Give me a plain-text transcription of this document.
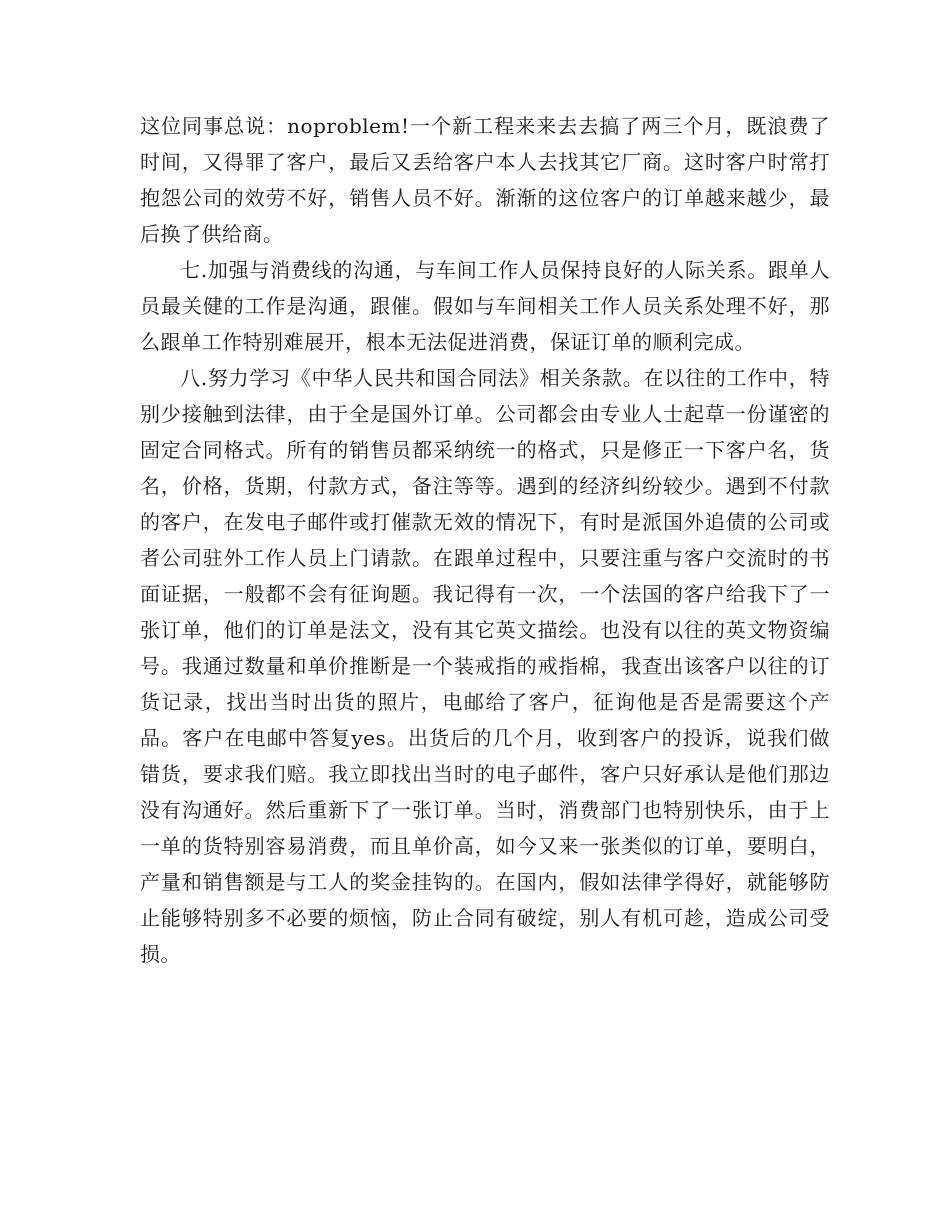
这位同事总说：noproblem!一个新工程来来去去搞了两三个月，既浪费了时间，又得罪了客户，最后又丢给客户本人去找其它厂商。这时客户时常打抱怨公司的效劳不好，销售人员不好。渐渐的这位客户的订单越来越少，最后换了供给商。

七.加强与消费线的沟通，与车间工作人员保持良好的人际关系。跟单人员最关健的工作是沟通，跟催。假如与车间相关工作人员关系处理不好，那么跟单工作特别难展开，根本无法促进消费，保证订单的顺利完成。

八.努力学习《中华人民共和国合同法》相关条款。在以往的工作中，特别少接触到法律，由于全是国外订单。公司都会由专业人士起草一份谨密的固定合同格式。所有的销售员都采纳统一的格式，只是修正一下客户名，货名，价格，货期，付款方式，备注等等。遇到的经济纠纷较少。遇到不付款的客户，在发电子邮件或打催款无效的情况下，有时是派国外追债的公司或者公司驻外工作人员上门请款。在跟单过程中，只要注重与客户交流时的书面证据，一般都不会有征询题。我记得有一次，一个法国的客户给我下了一张订单，他们的订单是法文，没有其它英文描绘。也没有以往的英文物资编号。我通过数量和单价推断是一个装戒指的戒指棉，我查出该客户以往的订货记录，找出当时出货的照片，电邮给了客户，征询他是否是需要这个产品。客户在电邮中答复yes。出货后的几个月，收到客户的投诉，说我们做错货，要求我们赔。我立即找出当时的电子邮件，客户只好承认是他们那边没有沟通好。然后重新下了一张订单。当时，消费部门也特别快乐，由于上一单的货特别容易消费，而且单价高，如今又来一张类似的订单，要明白，产量和销售额是与工人的奖金挂钩的。在国内，假如法律学得好，就能够防止能够特别多不必要的烦恼，防止合同有破绽，别人有机可趁，造成公司受损。
